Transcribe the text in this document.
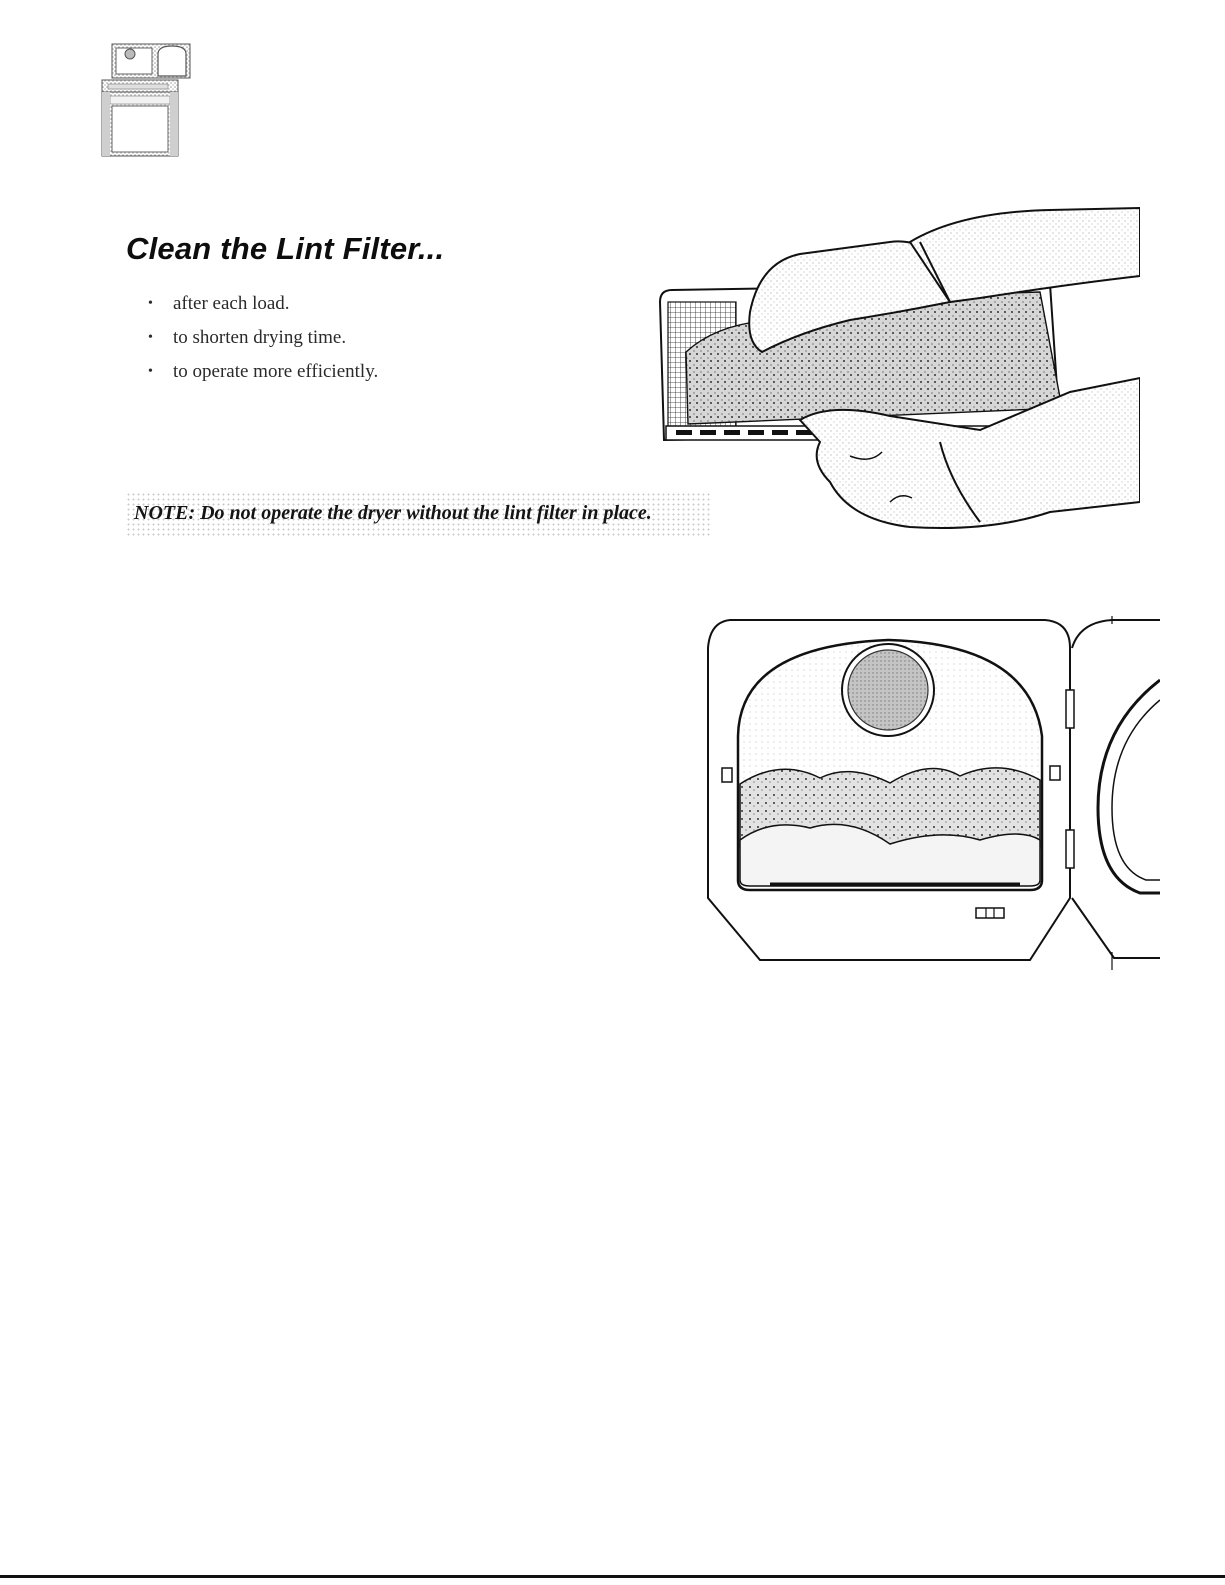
Clean the Lint Filter...
• after each load.
• to shorten drying time.
• to operate more efficiently.
NOTE: Do not operate the dryer without the lint filter in place.
